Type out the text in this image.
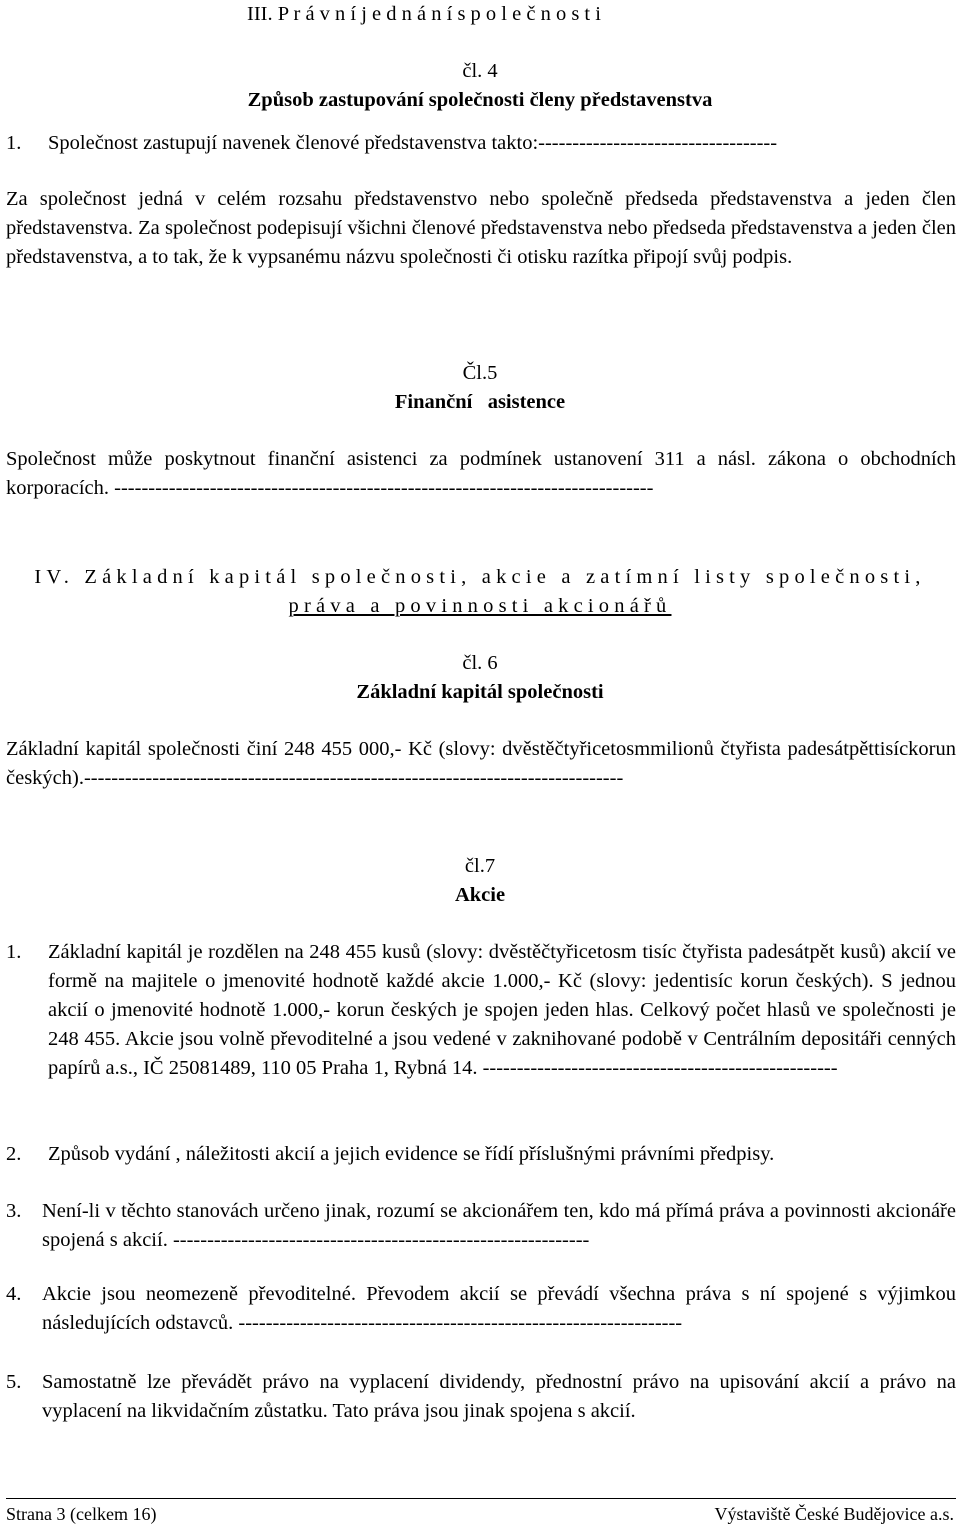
III. P r á v n í j e d n á n í s p o l e č n o s t i
čl. 4
Způsob zastupování společnosti členy představenstva
1. Společnost zastupují navenek členové představenstva takto:-----------------------------------
Za společnost jedná v celém rozsahu představenstvo nebo společně předseda představenstva a jeden člen představenstva. Za společnost podepisují všichni členové představenstva nebo předseda představenstva a jeden člen představenstva, a to tak, že k vypsanému názvu společnosti či otisku razítka připojí svůj podpis.
Čl.5
Finanční   asistence
Společnost může poskytnout finanční asistenci za podmínek ustanovení 311 a násl. zákona o obchodních korporacích. -------------------------------------------------------------------------------
IV. Základní kapitál společnosti, akcie a zatímní listy společnosti,
práva a povinnosti akcionářů
čl. 6
Základní kapitál společnosti
Základní kapitál společnosti činí 248 455 000,- Kč (slovy: dvěstěčtyřicetosmmilionů čtyřista padesátpěttisíckorun českých).-------------------------------------------------------------------------------
čl.7
Akcie
1. Základní kapitál je rozdělen na 248 455 kusů (slovy: dvěstěčtyřicetosm tisíc čtyřista padesátpět kusů) akcií ve formě na majitele o jmenovité hodnotě každé akcie 1.000,- Kč (slovy: jedentisíc korun českých). S jednou akcií o jmenovité hodnotě 1.000,- korun českých je spojen jeden hlas. Celkový počet hlasů ve společnosti je 248 455. Akcie jsou volně převoditelné a jsou vedené v zaknihované podobě v Centrálním depositáři cenných papírů a.s., IČ 25081489, 110 05 Praha 1, Rybná 14. ----------------------------------------------------
2. Způsob vydání , náležitosti akcií a jejich evidence se řídí příslušnými právními předpisy.
3. Není-li v těchto stanovách určeno jinak, rozumí se akcionářem ten, kdo má přímá práva a povinnosti akcionáře spojená s akcií. -------------------------------------------------------------
4. Akcie jsou neomezeně převoditelné. Převodem akcií se převádí všechna práva s ní spojené s výjimkou následujících odstavců. -----------------------------------------------------------------
5. Samostatně lze převádět právo na vyplacení dividendy, přednostní právo na upisování akcií a právo na vyplacení na likvidačním zůstatku. Tato práva jsou jinak spojena s akcií.
Strana 3 (celkem 16)	Výstaviště České Budějovice a.s.
